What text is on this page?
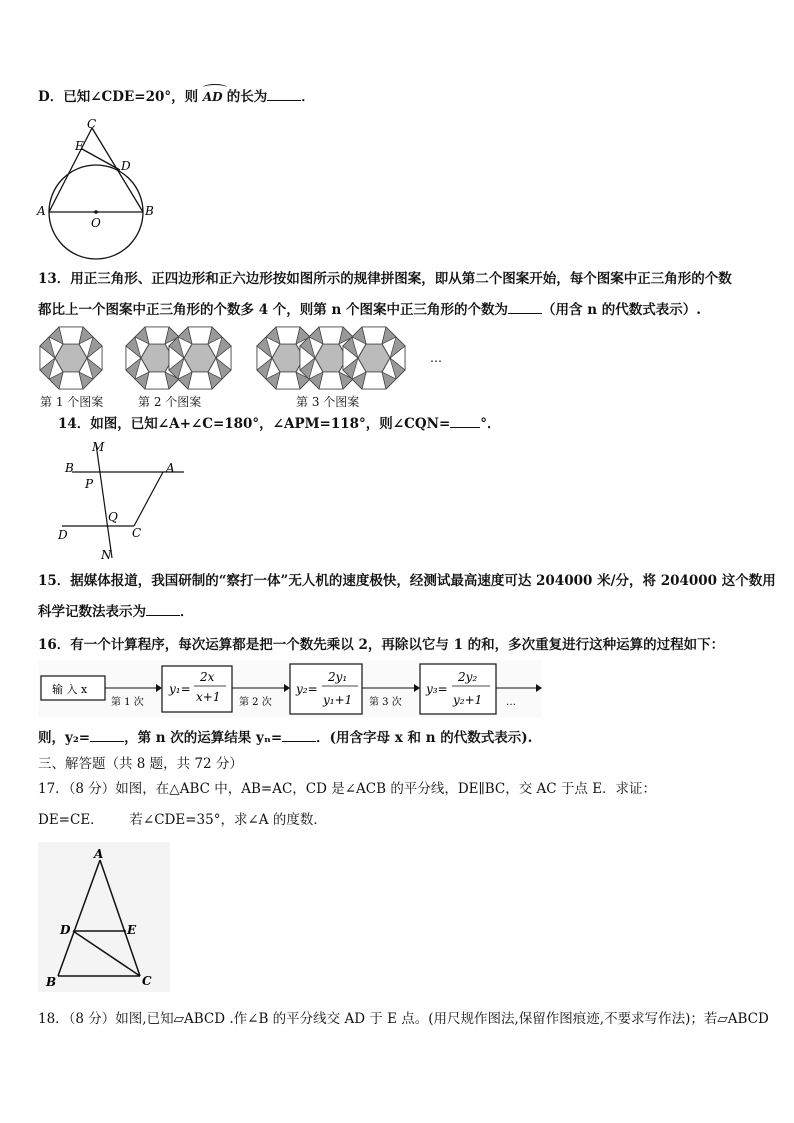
D．已知∠CDE=20°，则 AD 的长为	．
C
E
D
A	B
O
13．用正三角形、正四边形和正六边形按如图所示的规律拼图案，即从第二个图案开始，每个图案中正三角形的个数
都比上一个图案中正三角形的个数多 4 个，则第 n 个图案中正三角形的个数为	（用含 n 的代数式表示）.
…
第 1 个图案	第 2 个图案	第 3 个图案
14．如图，已知∠A+∠C=180°，∠APM=118°，则∠CQN= °．
M
B	A
P
Q
C
D
N
15．据媒体报道，我国研制的“察打一体”无人机的速度极快，经测试最高速度可达 204000 米/分，将 204000 这个数用
科学记数法表示为	．
16．有一个计算程序，每次运算都是把一个数先乘以 2，再除以它与 1 的和，多次重复进行这种运算的过程如下：
输 入 x
第 1 次
y₁=
2x
x+1 第 2 次
y₂=
2y₁
y₁+1 第 3 次
y₃=
2y₂
y₂+1 …
则，y₂=	，第 n 次的运算结果 yₙ=	．(用含字母 x 和 n 的代数式表示).
三、解答题（共 8 题，共 72 分）
17．（8 分）如图，在△ABC 中，AB=AC，CD 是∠ACB 的平分线，DE∥BC，交 AC 于点 E．求证：
DE=CE．      若∠CDE=35°，求∠A 的度数．
A
D	E
B	C
18．（8 分）如图,已知▱ABCD .作∠B 的平分线交 AD 于 E 点。(用尺规作图法,保留作图痕迹,不要求写作法)；若▱ABCD
